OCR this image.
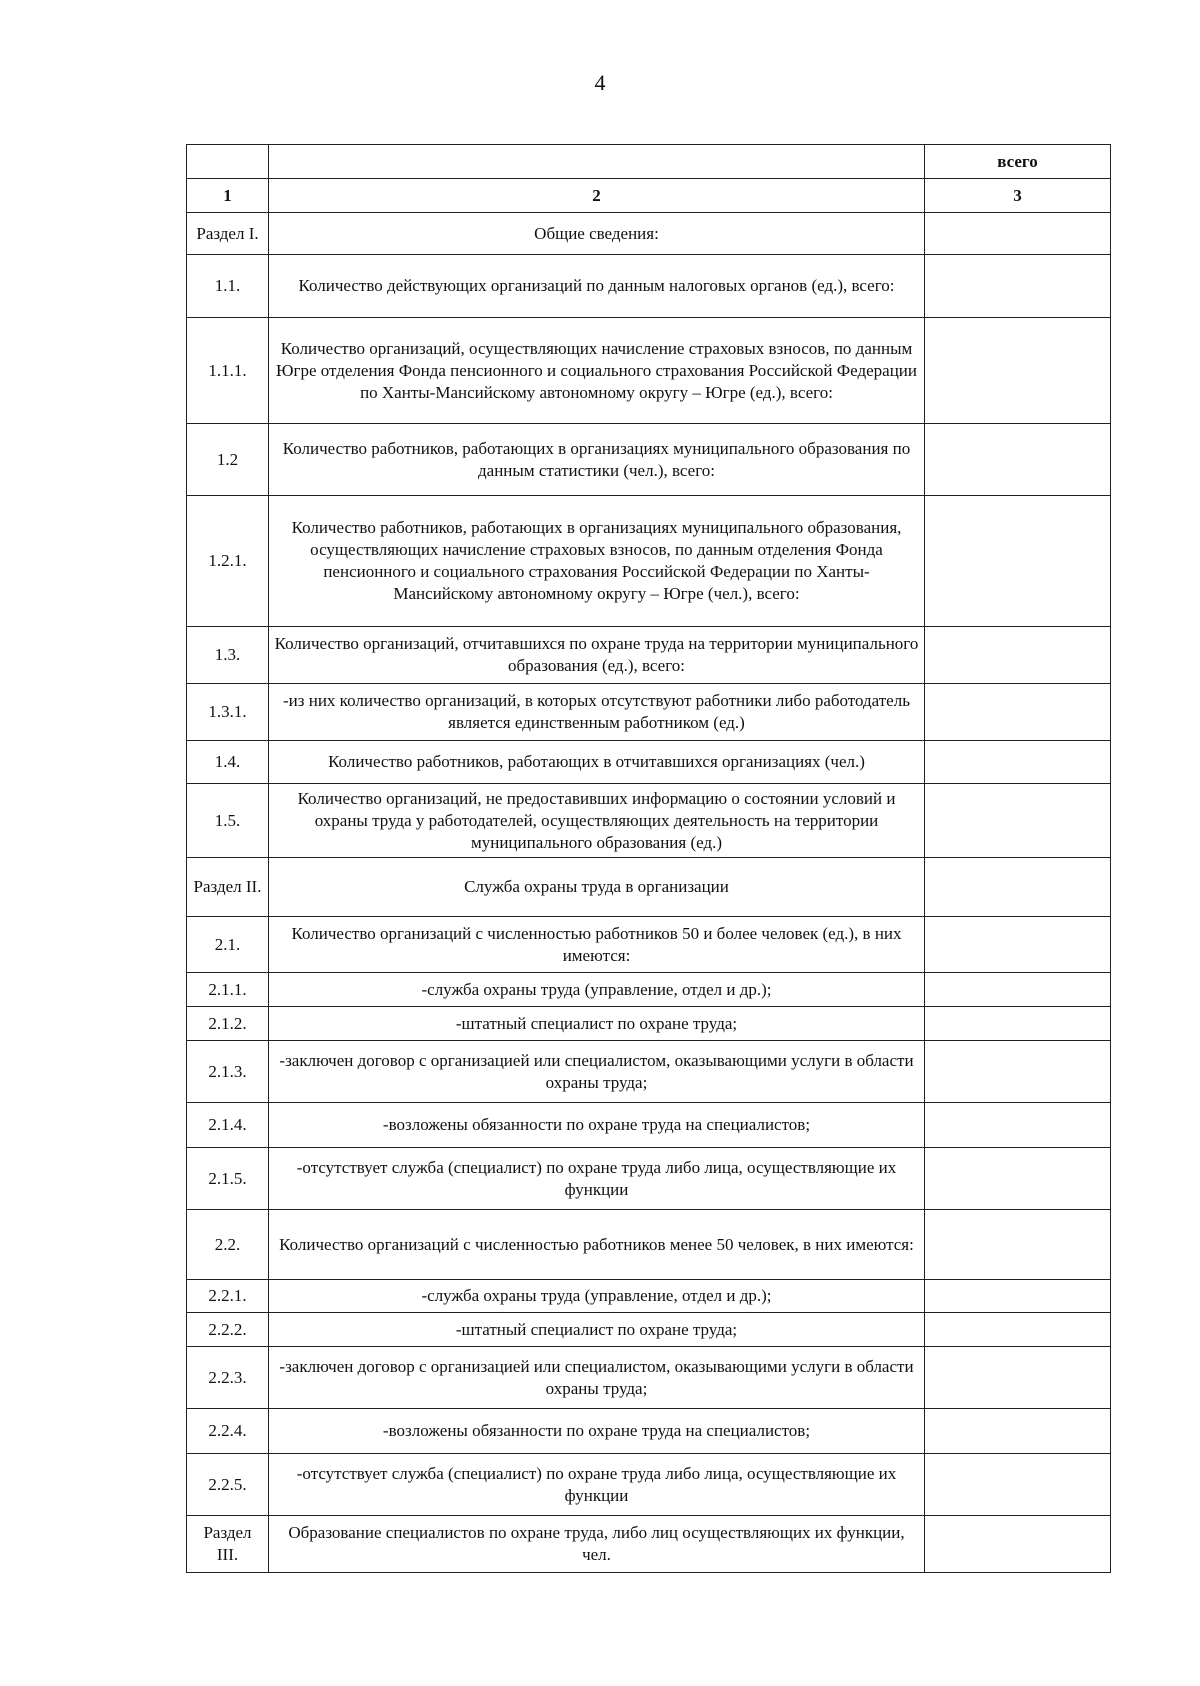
4
		всего
1	2	3
Раздел I.	Общие сведения:	
1.1.	Количество действующих организаций по данным налоговых органов (ед.), всего:	
1.1.1.	Количество организаций, осуществляющих начисление страховых взносов, по данным Югре отделения Фонда пенсионного и социального страхования Российской Федерации по Ханты-Мансийскому автономному округу – Югре (ед.), всего:	
1.2	Количество работников, работающих в организациях муниципального образования по данным статистики (чел.), всего:	
1.2.1.	Количество работников, работающих в организациях муниципального образования, осуществляющих начисление страховых взносов, по данным отделения Фонда пенсионного и социального страхования Российской Федерации по Ханты-Мансийскому автономному округу – Югре (чел.), всего:	
1.3.	Количество организаций, отчитавшихся по охране труда на территории муниципального образования (ед.), всего:	
1.3.1.	-из них количество организаций, в которых отсутствуют работники либо работодатель является единственным работником (ед.)	
1.4.	Количество работников, работающих в отчитавшихся организациях (чел.)	
1.5.	Количество организаций, не предоставивших информацию о состоянии условий и охраны труда у работодателей, осуществляющих деятельность на территории муниципального образования (ед.)	
Раздел II.	Служба охраны труда в организации	
2.1.	Количество организаций с численностью работников 50 и более человек (ед.), в них имеются:	
2.1.1.	-служба охраны труда (управление, отдел и др.);	
2.1.2.	-штатный специалист по охране труда;	
2.1.3.	-заключен договор с организацией или специалистом, оказывающими услуги в области охраны труда;	
2.1.4.	-возложены обязанности по охране труда на специалистов;	
2.1.5.	-отсутствует служба (специалист) по охране труда либо лица, осуществляющие их функции	
2.2.	Количество организаций с численностью работников менее 50 человек, в них имеются:	
2.2.1.	-служба охраны труда (управление, отдел и др.);	
2.2.2.	-штатный специалист по охране труда;	
2.2.3.	-заключен договор с организацией или специалистом, оказывающими услуги в области охраны труда;	
2.2.4.	-возложены обязанности по охране труда на специалистов;	
2.2.5.	-отсутствует служба (специалист) по охране труда либо лица, осуществляющие их функции	
Раздел III.	Образование специалистов по охране труда, либо лиц осуществляющих их функции, чел.	
